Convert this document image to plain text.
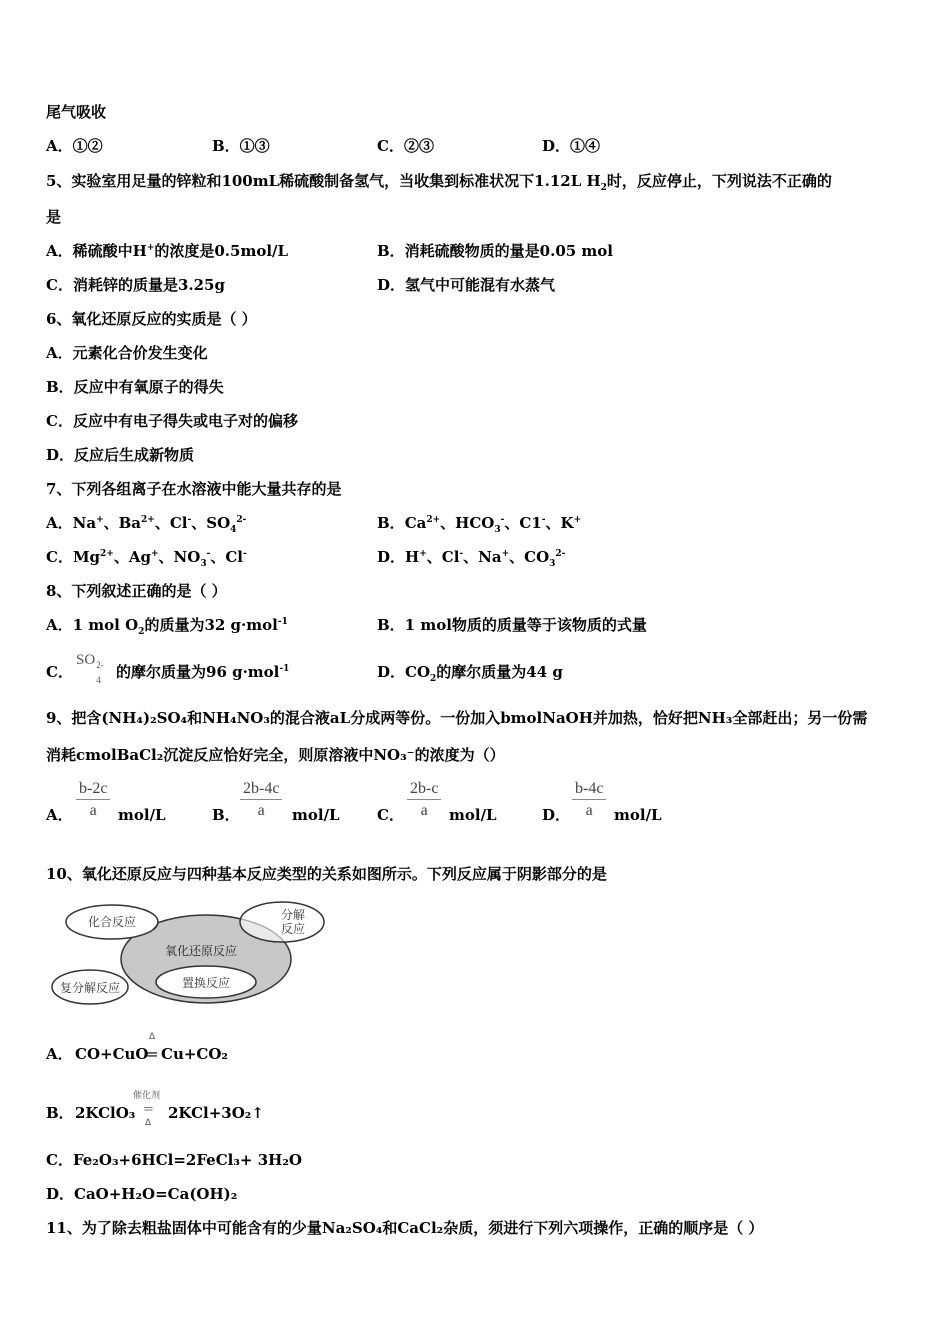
尾气吸收
A．①②	B．①③	C．②③	D．①④
5、实验室用足量的锌粒和100mL稀硫酸制备氢气，当收集到标准状况下1.12L $H_2$时，反应停止，下列说法不正确的
是
A．稀硫酸中H+的浓度是0.5mol/L	B．消耗硫酸物质的量是0.05 mol
C．消耗锌的质量是3.25g	D．氢气中可能混有水蒸气
6、氧化还原反应的实质是（ ）
A．元素化合价发生变化
B．反应中有氧原子的得失
C．反应中有电子得失或电子对的偏移
D．反应后生成新物质
7、下列各组离子在水溶液中能大量共存的是
A．Na+、$Ba^{2+}$、Cl-、$SO_4^{2-}$	B．$Ca^{2+}$、$HCO_3^-$、C1-、K+
C．$Mg^{2+}$、Ag+、$NO_3^-$、Cl-	D．H+、Cl-、Na+、$CO_3^{2-}$
8、下列叙述正确的是（ ）
A．1 mol $O_2$的质量为32 g·mol$^{-1}$	B．1 mol物质的质量等于该物质的式量
C．
SO 2-
4 的摩尔质量为96 g·mol$^{-1}$	D．$CO_2$的摩尔质量为44 g
9、把含(NH₄)₂SO₄和NH₄NO₃的混合液aL分成两等份。一份加入bmolNaOH并加热，恰好把NH₃全部赶出；另一份需
消耗cmolBaCl₂沉淀反应恰好完全，则原溶液中NO₃⁻的浓度为（）
A． $\frac{b-2c}{a} mol/L$	B． $\frac{2b-4c}{a} mol/L$ C． $\frac{2b-c}{a} mol/L$	D． $\frac{b-4c}{a} mol/L$
10、氧化还原反应与四种基本反应类型的关系如图所示。下列反应属于阴影部分的是
化合反应	分解
反应
氧化还原反应
复分解反应	置换反应
A． CO+CuO
Δ
= Cu+CO₂
B． 2KClO₃
催化剂
=
Δ
2KCl+3O₂↑
C．Fe₂O₃+6HCl=2FeCl₃+ 3H₂O
D．CaO+H₂O=Ca(OH)₂
11、为了除去粗盐固体中可能含有的少量Na₂SO₄和CaCl₂杂质，须进行下列六项操作，正确的顺序是（ ）
